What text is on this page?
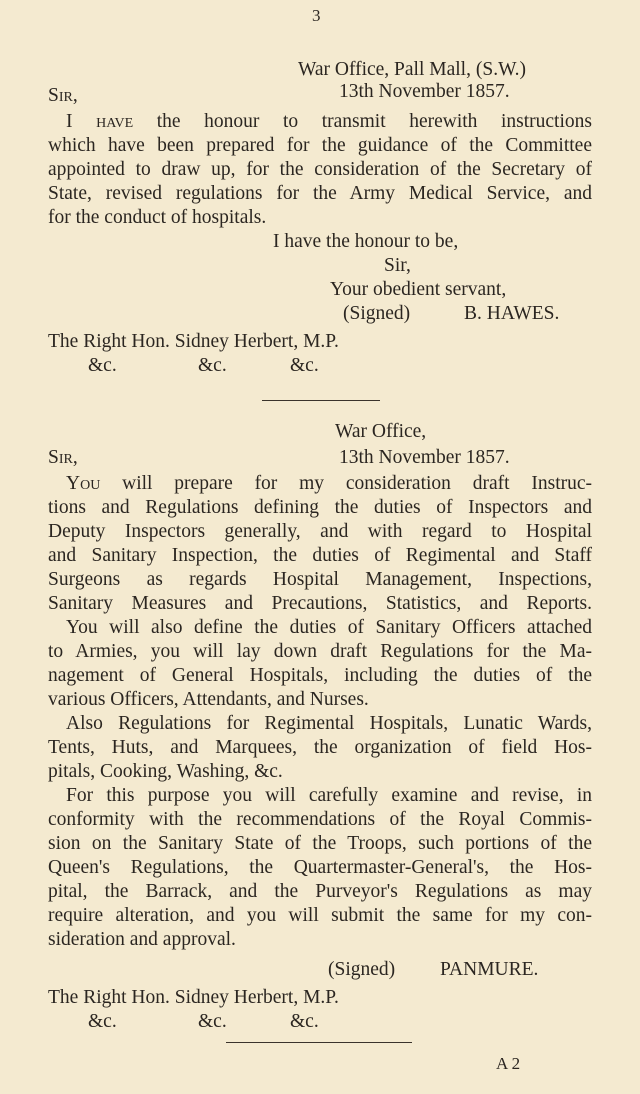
3
War Office, Pall Mall, (S.W.)
Sir,	13th November 1857.
I have the honour to transmit herewith instructions
which have been prepared for the guidance of the Committee
appointed to draw up, for the consideration of the Secretary of
State, revised regulations for the Army Medical Service, and
for the conduct of hospitals.
I have the honour to be,
Sir,
Your obedient servant,
(Signed)	B. HAWES.
The Right Hon. Sidney Herbert, M.P.
&c.	&c.	&c.
War Office,
Sir,	13th November 1857.
You will prepare for my consideration draft Instruc-
tions and Regulations defining the duties of Inspectors and
Deputy Inspectors generally, and with regard to Hospital
and Sanitary Inspection, the duties of Regimental and Staff
Surgeons as regards Hospital Management, Inspections,
Sanitary Measures and Precautions, Statistics, and Reports.
You will also define the duties of Sanitary Officers attached
to Armies, you will lay down draft Regulations for the Ma-
nagement of General Hospitals, including the duties of the
various Officers, Attendants, and Nurses.
Also Regulations for Regimental Hospitals, Lunatic Wards,
Tents, Huts, and Marquees, the organization of field Hos-
pitals, Cooking, Washing, &c.
For this purpose you will carefully examine and revise, in
conformity with the recommendations of the Royal Commis-
sion on the Sanitary State of the Troops, such portions of the
Queen's Regulations, the Quartermaster-General's, the Hos-
pital, the Barrack, and the Purveyor's Regulations as may
require alteration, and you will submit the same for my con-
sideration and approval.
(Signed) PANMURE.
The Right Hon. Sidney Herbert, M.P.
&c.	&c.	&c.
A 2
